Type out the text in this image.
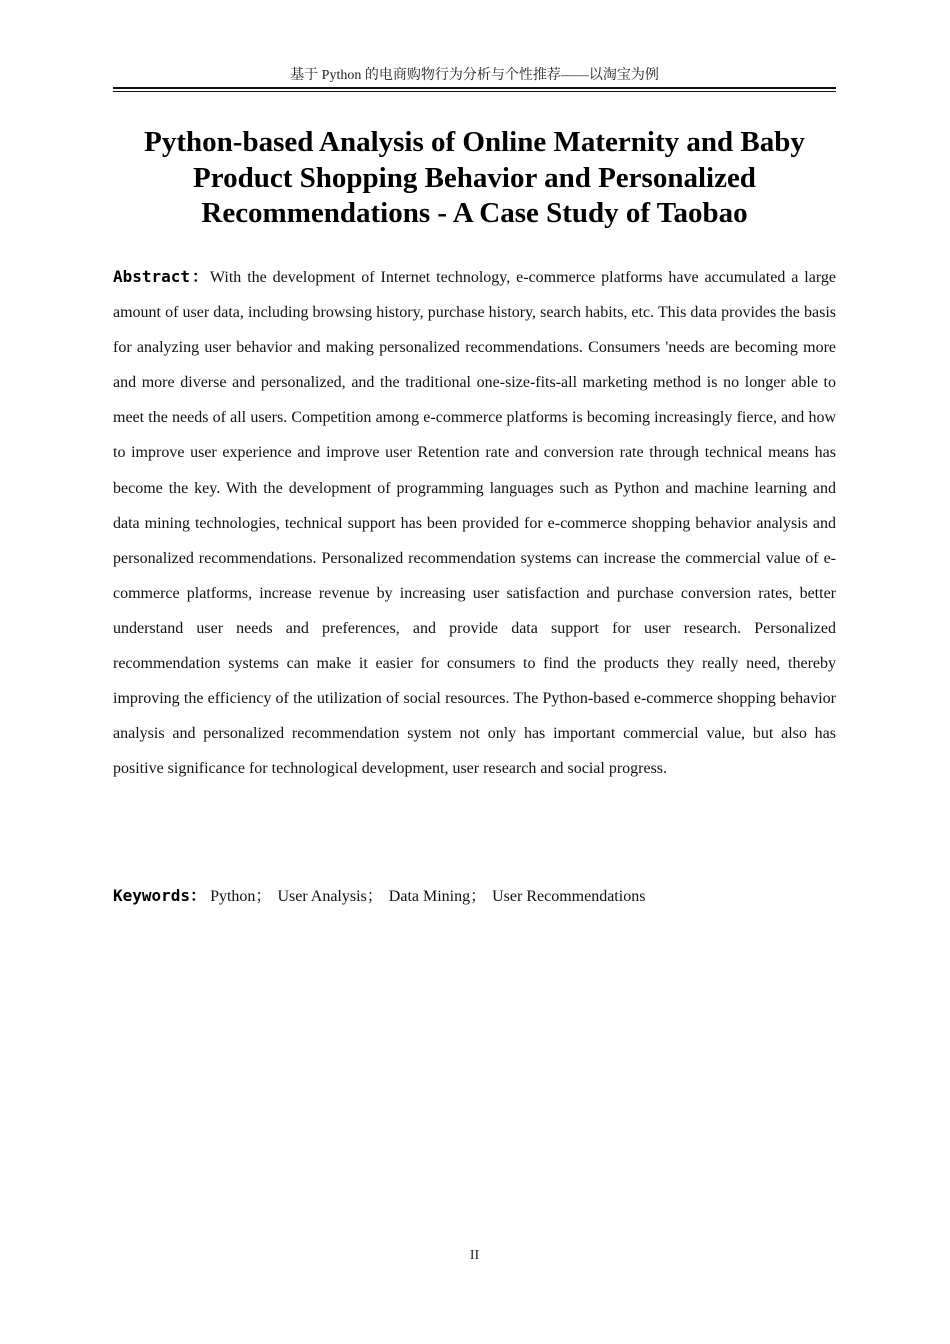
基于 Python 的电商购物行为分析与个性推荐——以淘宝为例
Python-based Analysis of Online Maternity and Baby Product Shopping Behavior and Personalized Recommendations - A Case Study of Taobao

Abstract：With the development of Internet technology, e-commerce platforms have accumulated a large amount of user data, including browsing history, purchase history, search habits, etc. This data provides the basis for analyzing user behavior and making personalized recommendations. Consumers 'needs are becoming more and more diverse and personalized, and the traditional one-size-fits-all marketing method is no longer able to meet the needs of all users. Competition among e-commerce platforms is becoming increasingly fierce, and how to improve user experience and improve user Retention rate and conversion rate through technical means has become the key. With the development of programming languages such as Python and machine learning and data mining technologies, technical support has been provided for e-commerce shopping behavior analysis and personalized recommendations. Personalized recommendation systems can increase the commercial value of e-commerce platforms, increase revenue by increasing user satisfaction and purchase conversion rates, better understand user needs and preferences, and provide data support for user research. Personalized recommendation systems can make it easier for consumers to find the products they really need, thereby improving the efficiency of the utilization of social resources. The Python-based e-commerce shopping behavior analysis and personalized recommendation system not only has important commercial value, but also has positive significance for technological development, user research and social progress.

Keywords： Python； User Analysis； Data Mining； User Recommendations

II
